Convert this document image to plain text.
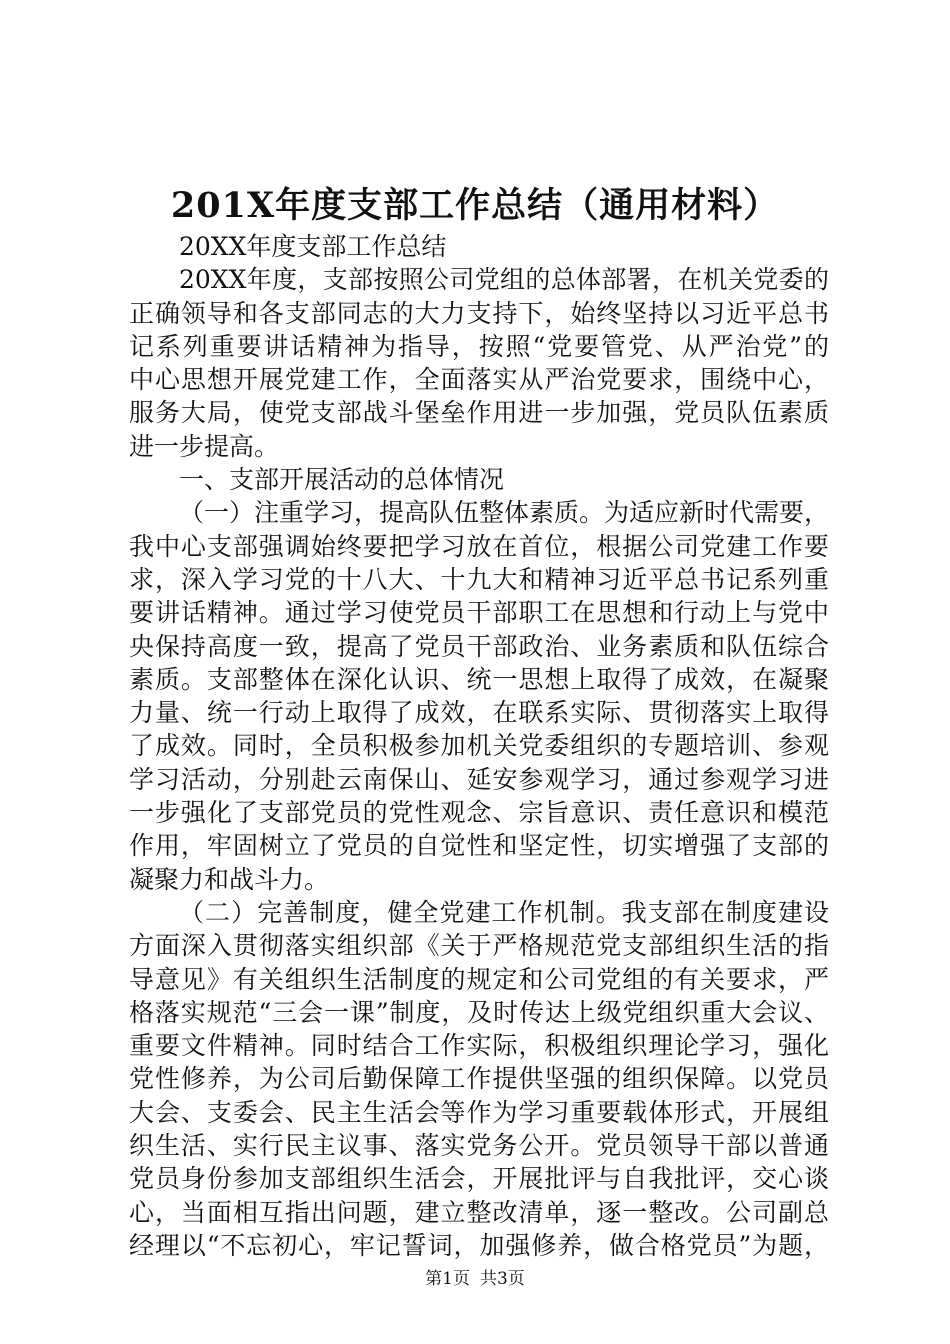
201X年度支部工作总结（通用材料）
20XX年度支部工作总结
20XX年度，支部按照公司党组的总体部署，在机关党委的
正确领导和各支部同志的大力支持下，始终坚持以习近平总书
记系列重要讲话精神为指导，按照“党要管党、从严治党”的
中心思想开展党建工作，全面落实从严治党要求，围绕中心，
服务大局，使党支部战斗堡垒作用进一步加强，党员队伍素质
进一步提高。
一、支部开展活动的总体情况
（一）注重学习，提高队伍整体素质。为适应新时代需要，
我中心支部强调始终要把学习放在首位，根据公司党建工作要
求，深入学习党的十八大、十九大和精神习近平总书记系列重
要讲话精神。通过学习使党员干部职工在思想和行动上与党中
央保持高度一致，提高了党员干部政治、业务素质和队伍综合
素质。支部整体在深化认识、统一思想上取得了成效，在凝聚
力量、统一行动上取得了成效，在联系实际、贯彻落实上取得
了成效。同时，全员积极参加机关党委组织的专题培训、参观
学习活动，分别赴云南保山、延安参观学习，通过参观学习进
一步强化了支部党员的党性观念、宗旨意识、责任意识和模范
作用，牢固树立了党员的自觉性和坚定性，切实增强了支部的
凝聚力和战斗力。
（二）完善制度，健全党建工作机制。我支部在制度建设
方面深入贯彻落实组织部《关于严格规范党支部组织生活的指
导意见》有关组织生活制度的规定和公司党组的有关要求，严
格落实规范“三会一课”制度，及时传达上级党组织重大会议、
重要文件精神。同时结合工作实际，积极组织理论学习，强化
党性修养，为公司后勤保障工作提供坚强的组织保障。以党员
大会、支委会、民主生活会等作为学习重要载体形式，开展组
织生活、实行民主议事、落实党务公开。党员领导干部以普通
党员身份参加支部组织生活会，开展批评与自我批评，交心谈
心，当面相互指出问题，建立整改清单，逐一整改。公司副总
经理以“不忘初心，牢记誓词，加强修养，做合格党员”为题，
第1页 共3页
